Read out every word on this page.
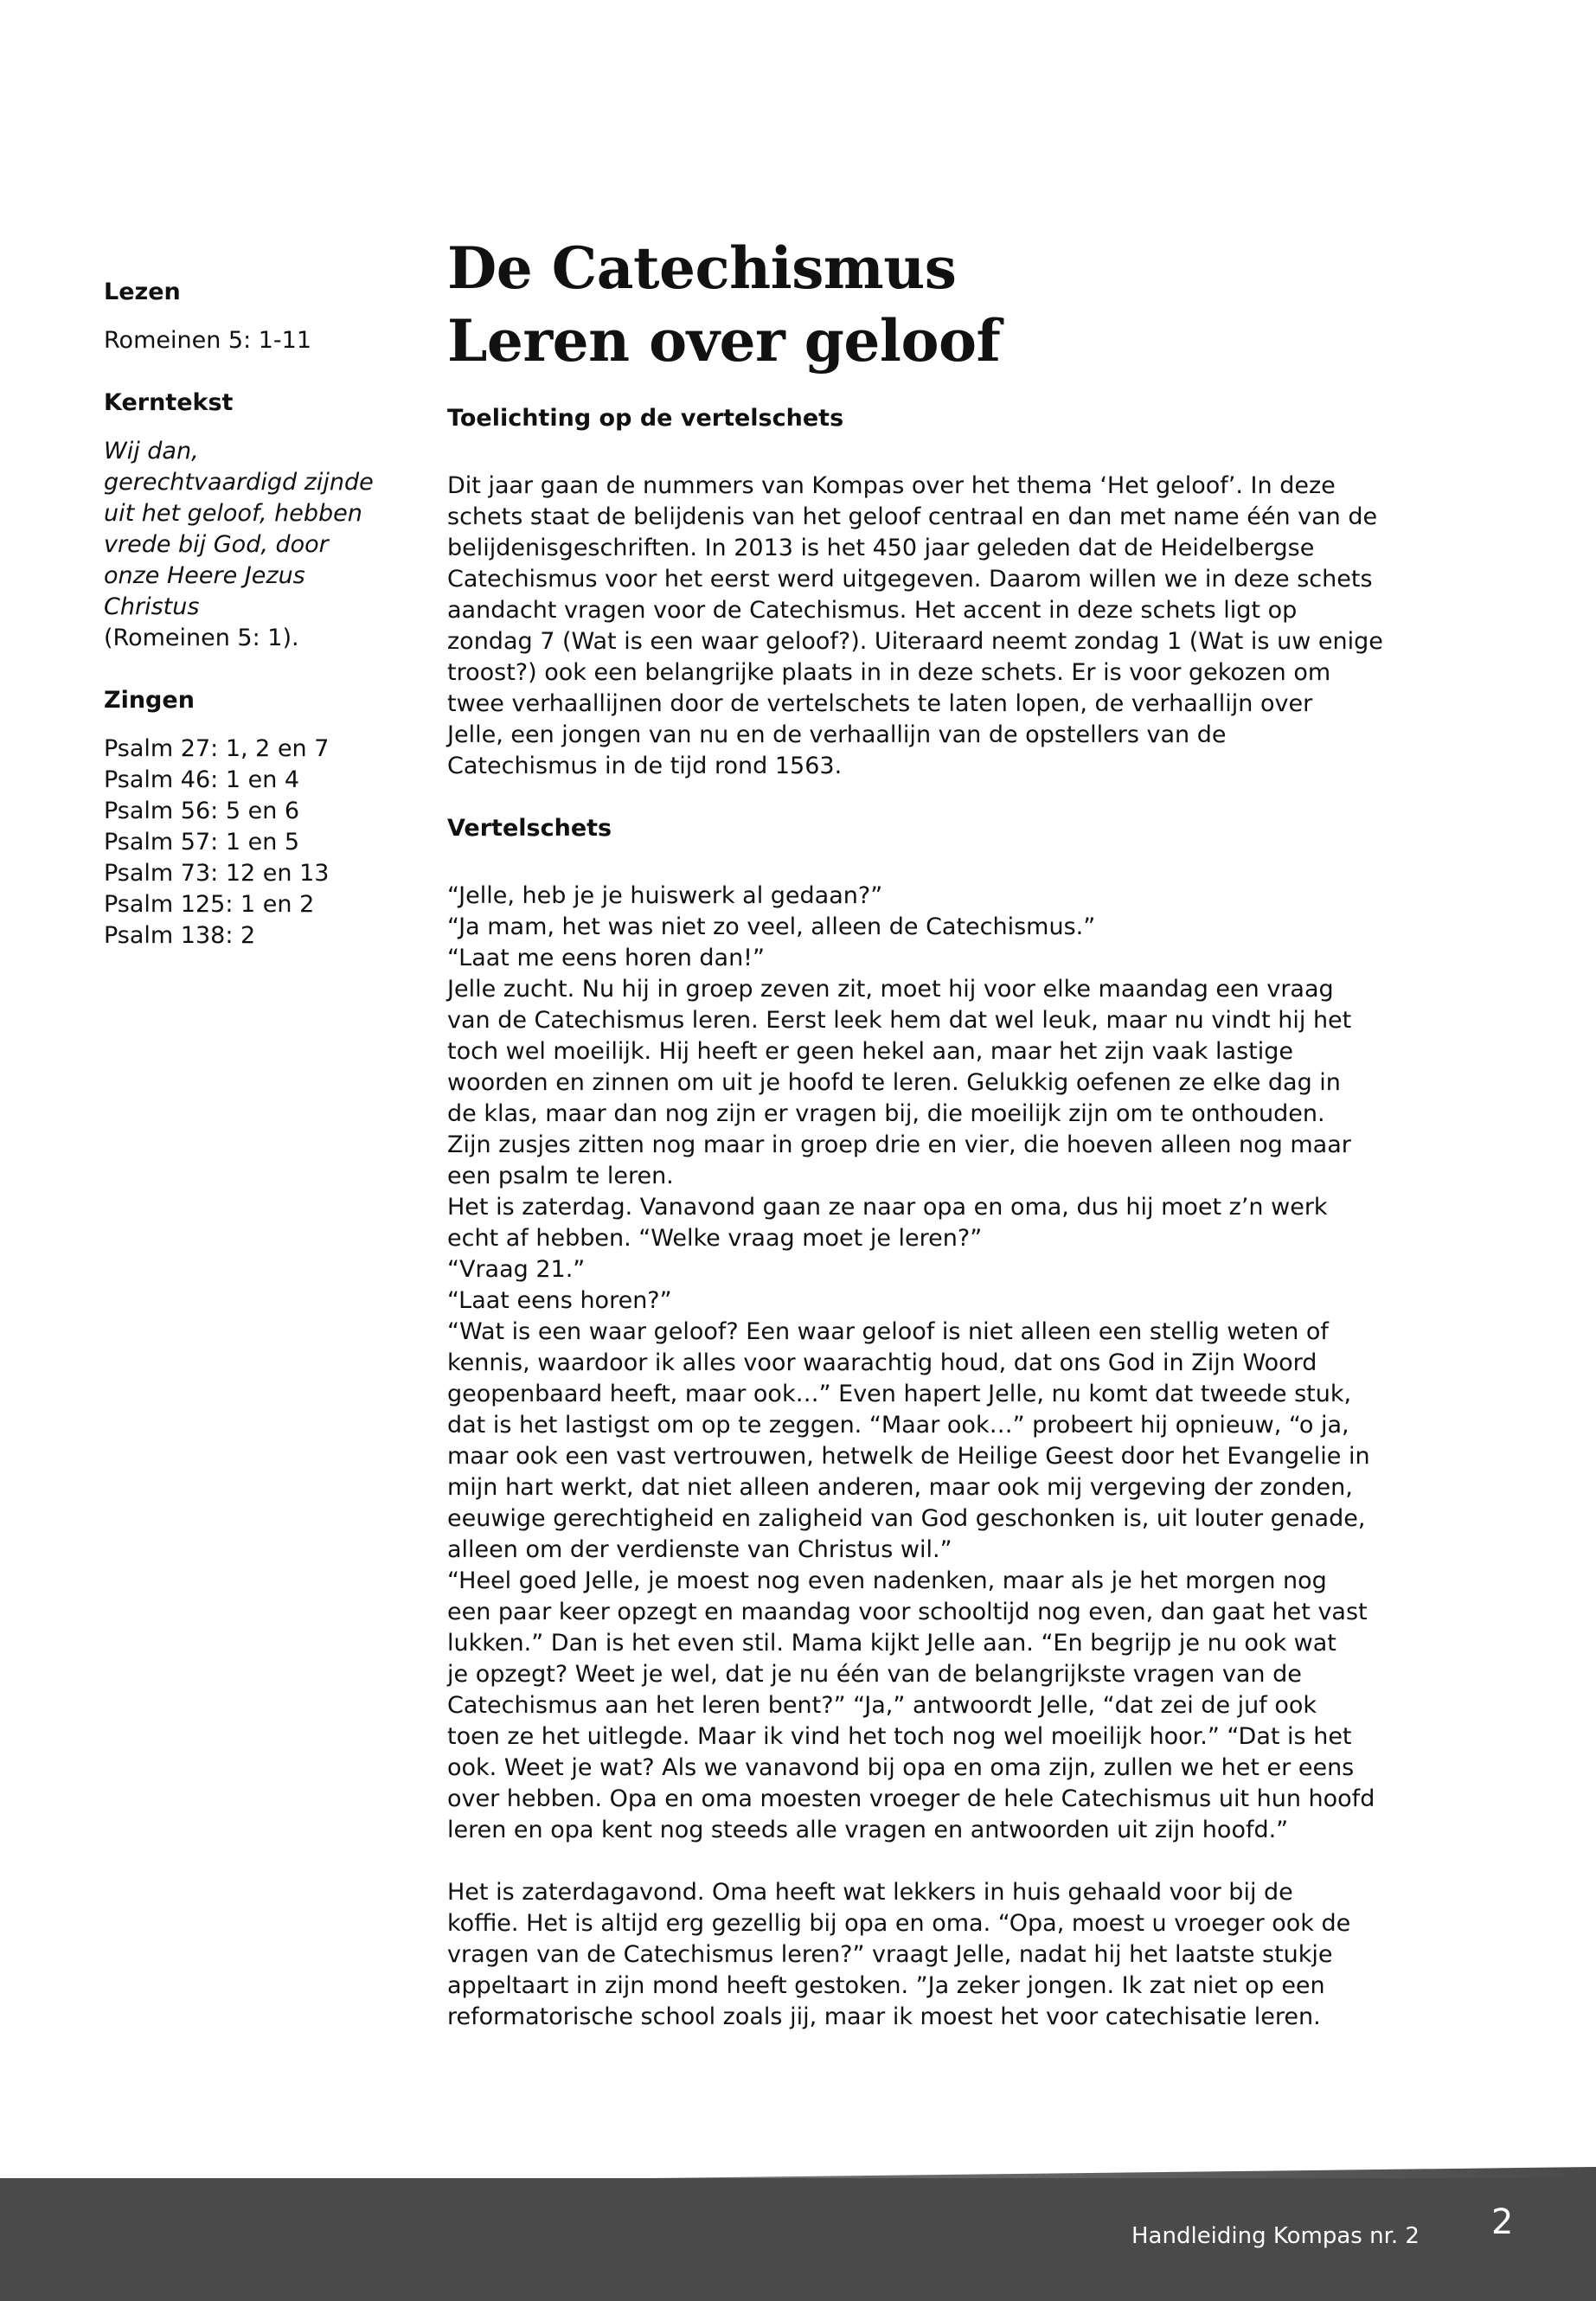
Lezen

Romeinen 5: 1-11

Kerntekst

Wij dan,

gerechtvaardigd zijnde

uit het geloof, hebben

vrede bij God, door

onze Heere Jezus

Christus

(Romeinen 5: 1).

Zingen

Psalm 27: 1, 2 en 7

Psalm 46: 1 en 4

Psalm 56: 5 en 6

Psalm 57: 1 en 5

Psalm 73: 12 en 13

Psalm 125: 1 en 2

Psalm 138: 2

De Catechismus
Leren over geloof

Toelichting op de vertelschets

Dit jaar gaan de nummers van Kompas over het thema ‘Het geloof’. In deze

schets staat de belijdenis van het geloof centraal en dan met name één van de

belijdenisgeschriften. In 2013 is het 450 jaar geleden dat de Heidelbergse

Catechismus voor het eerst werd uitgegeven. Daarom willen we in deze schets

aandacht vragen voor de Catechismus. Het accent in deze schets ligt op

zondag 7 (Wat is een waar geloof?). Uiteraard neemt zondag 1 (Wat is uw enige

troost?) ook een belangrijke plaats in in deze schets. Er is voor gekozen om

twee verhaallijnen door de vertelschets te laten lopen, de verhaallijn over

Jelle, een jongen van nu en de verhaallijn van de opstellers van de

Catechismus in de tijd rond 1563.

Vertelschets

“Jelle, heb je je huiswerk al gedaan?”

“Ja mam, het was niet zo veel, alleen de Catechismus.”

“Laat me eens horen dan!”

Jelle zucht. Nu hij in groep zeven zit, moet hij voor elke maandag een vraag

van de Catechismus leren. Eerst leek hem dat wel leuk, maar nu vindt hij het

toch wel moeilijk. Hij heeft er geen hekel aan, maar het zijn vaak lastige

woorden en zinnen om uit je hoofd te leren. Gelukkig oefenen ze elke dag in

de klas, maar dan nog zijn er vragen bij, die moeilijk zijn om te onthouden.

Zijn zusjes zitten nog maar in groep drie en vier, die hoeven alleen nog maar

een psalm te leren.

Het is zaterdag. Vanavond gaan ze naar opa en oma, dus hij moet z’n werk

echt af hebben. “Welke vraag moet je leren?”

“Vraag 21.”

“Laat eens horen?”

“Wat is een waar geloof? Een waar geloof is niet alleen een stellig weten of

kennis, waardoor ik alles voor waarachtig houd, dat ons God in Zijn Woord

geopenbaard heeft, maar ook…” Even hapert Jelle, nu komt dat tweede stuk,

dat is het lastigst om op te zeggen. “Maar ook…” probeert hij opnieuw, “o ja,

maar ook een vast vertrouwen, hetwelk de Heilige Geest door het Evangelie in

mijn hart werkt, dat niet alleen anderen, maar ook mij vergeving der zonden,

eeuwige gerechtigheid en zaligheid van God geschonken is, uit louter genade,

alleen om der verdienste van Christus wil.”

“Heel goed Jelle, je moest nog even nadenken, maar als je het morgen nog

een paar keer opzegt en maandag voor schooltijd nog even, dan gaat het vast

lukken.” Dan is het even stil. Mama kijkt Jelle aan. “En begrijp je nu ook wat

je opzegt? Weet je wel, dat je nu één van de belangrijkste vragen van de

Catechismus aan het leren bent?” “Ja,” antwoordt Jelle, “dat zei de juf ook

toen ze het uitlegde. Maar ik vind het toch nog wel moeilijk hoor.” “Dat is het

ook. Weet je wat? Als we vanavond bij opa en oma zijn, zullen we het er eens

over hebben. Opa en oma moesten vroeger de hele Catechismus uit hun hoofd

leren en opa kent nog steeds alle vragen en antwoorden uit zijn hoofd.”

Het is zaterdagavond. Oma heeft wat lekkers in huis gehaald voor bij de

koffie. Het is altijd erg gezellig bij opa en oma. “Opa, moest u vroeger ook de

vragen van de Catechismus leren?” vraagt Jelle, nadat hij het laatste stukje

appeltaart in zijn mond heeft gestoken. ”Ja zeker jongen. Ik zat niet op een

reformatorische school zoals jij, maar ik moest het voor catechisatie leren.

Handleiding Kompas nr. 2 2
